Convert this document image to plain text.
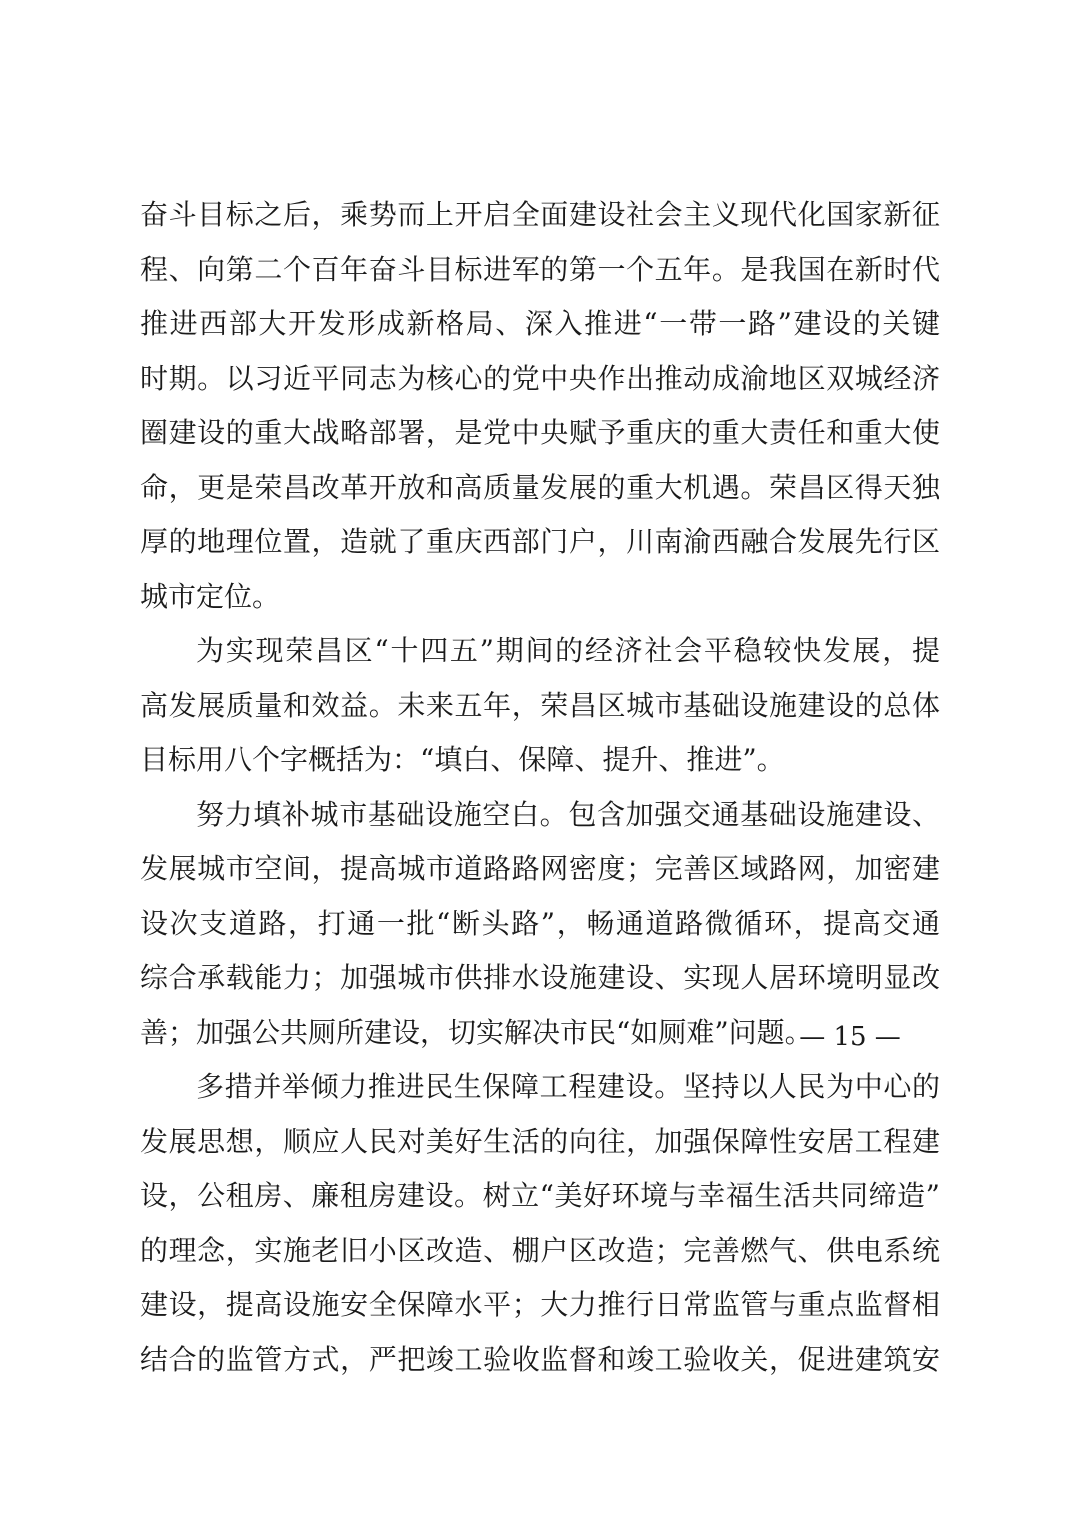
奋斗目标之后，乘势而上开启全面建设社会主义现代化国家新征
程、向第二个百年奋斗目标进军的第一个五年。是我国在新时代
推进西部大开发形成新格局、深入推进“一带一路”建设的关键
时期。以习近平同志为核心的党中央作出推动成渝地区双城经济
圈建设的重大战略部署，是党中央赋予重庆的重大责任和重大使
命，更是荣昌改革开放和高质量发展的重大机遇。荣昌区得天独
厚的地理位置，造就了重庆西部门户，川南渝西融合发展先行区
城市定位。
为实现荣昌区“十四五”期间的经济社会平稳较快发展，提
高发展质量和效益。未来五年，荣昌区城市基础设施建设的总体
目标用八个字概括为：“填白、保障、提升、推进”。
努力填补城市基础设施空白。包含加强交通基础设施建设、
发展城市空间，提高城市道路路网密度；完善区域路网，加密建
设次支道路，打通一批“断头路”，畅通道路微循环，提高交通
综合承载能力；加强城市供排水设施建设、实现人居环境明显改
善；加强公共厕所建设，切实解决市民“如厕难”问题。
多措并举倾力推进民生保障工程建设。坚持以人民为中心的
发展思想，顺应人民对美好生活的向往，加强保障性安居工程建
设，公租房、廉租房建设。树立“美好环境与幸福生活共同缔造”
的理念，实施老旧小区改造、棚户区改造；完善燃气、供电系统
建设，提高设施安全保障水平；大力推行日常监管与重点监督相
结合的监管方式，严把竣工验收监督和竣工验收关，促进建筑安
— 15 —
